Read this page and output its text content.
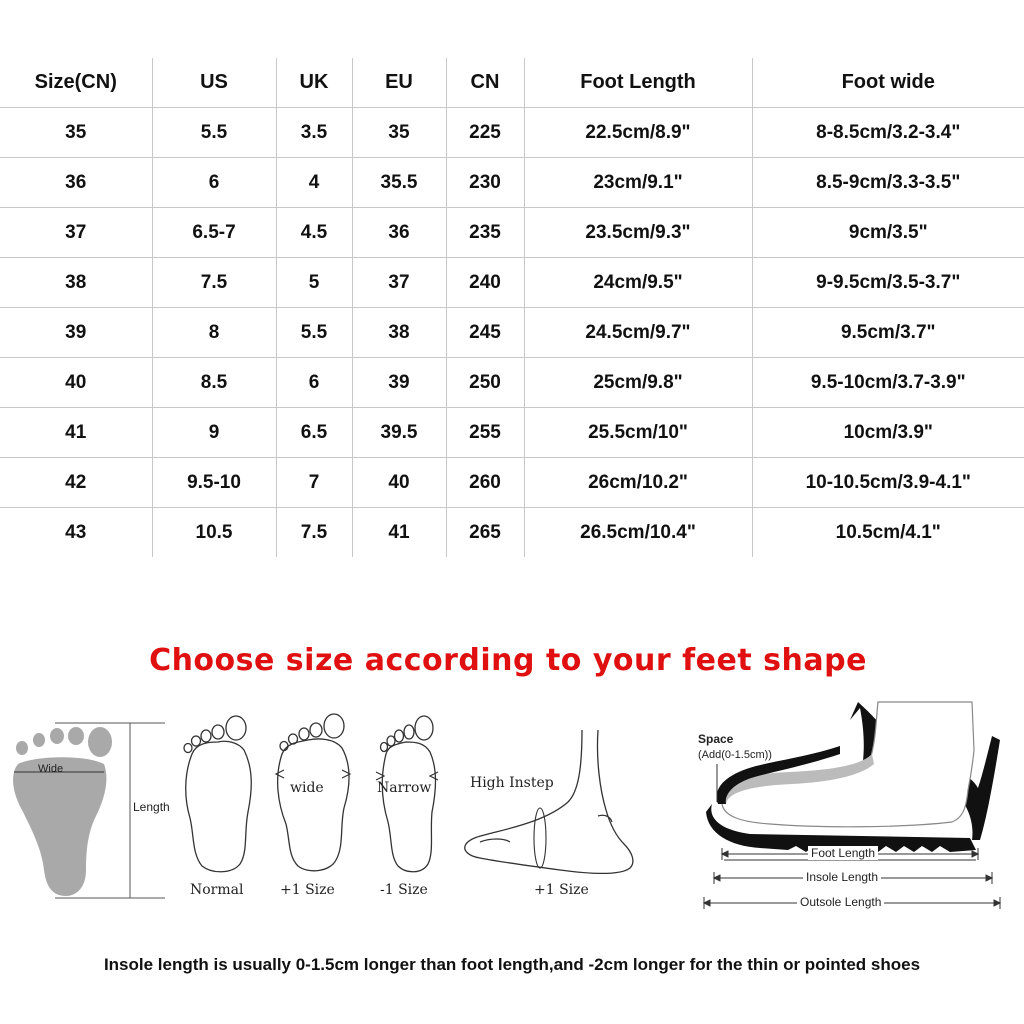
Size(CN)	US	UK	EU	CN	Foot Length	Foot wide
35	5.5	3.5	35	225	22.5cm/8.9"	8-8.5cm/3.2-3.4"
36	6	4	35.5	230	23cm/9.1"	8.5-9cm/3.3-3.5"
37	6.5-7	4.5	36	235	23.5cm/9.3"	9cm/3.5"
38	7.5	5	37	240	24cm/9.5"	9-9.5cm/3.5-3.7"
39	8	5.5	38	245	24.5cm/9.7"	9.5cm/3.7"
40	8.5	6	39	250	25cm/9.8"	9.5-10cm/3.7-3.9"
41	9	6.5	39.5	255	25.5cm/10"	10cm/3.9"
42	9.5-10	7	40	260	26cm/10.2"	10-10.5cm/3.9-4.1"
43	10.5	7.5	41	265	26.5cm/10.4"	10.5cm/4.1"
Choose size according to your feet shape
Wide
Length
Normal
wide
+1 Size
Narrow
-1 Size
High Instep
+1 Size
Space
(Add(0-1.5cm))
Foot Length
Insole Length
Outsole Length
Insole length is usually 0-1.5cm longer than foot length,and -2cm longer for the thin or pointed shoes
